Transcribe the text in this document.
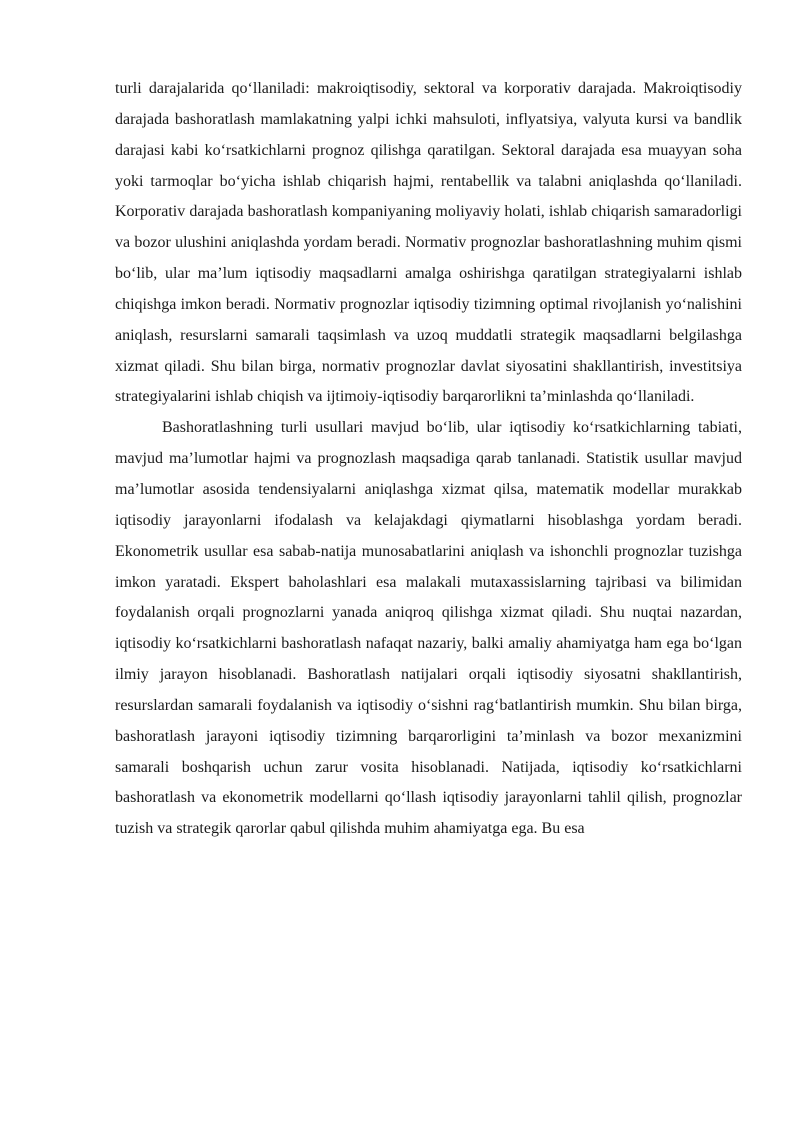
turli darajalarida qo‘llaniladi: makroiqtisodiy, sektoral va korporativ darajada. Makroiqtisodiy darajada bashoratlash mamlakatning yalpi ichki mahsuloti, inflyatsiya, valyuta kursi va bandlik darajasi kabi ko‘rsatkichlarni prognoz qilishga qaratilgan. Sektoral darajada esa muayyan soha yoki tarmoqlar bo‘yicha ishlab chiqarish hajmi, rentabellik va talabni aniqlashda qo‘llaniladi. Korporativ darajada bashoratlash kompaniyaning moliyaviy holati, ishlab chiqarish samaradorligi va bozor ulushini aniqlashda yordam beradi. Normativ prognozlar bashoratlashning muhim qismi bo‘lib, ular ma’lum iqtisodiy maqsadlarni amalga oshirishga qaratilgan strategiyalarni ishlab chiqishga imkon beradi. Normativ prognozlar iqtisodiy tizimning optimal rivojlanish yo‘nalishini aniqlash, resurslarni samarali taqsimlash va uzoq muddatli strategik maqsadlarni belgilashga xizmat qiladi. Shu bilan birga, normativ prognozlar davlat siyosatini shakllantirish, investitsiya strategiyalarini ishlab chiqish va ijtimoiy-iqtisodiy barqarorlikni ta’minlashda qo‘llaniladi.

Bashoratlashning turli usullari mavjud bo‘lib, ular iqtisodiy ko‘rsatkichlarning tabiati, mavjud ma’lumotlar hajmi va prognozlash maqsadiga qarab tanlanadi. Statistik usullar mavjud ma’lumotlar asosida tendensiyalarni aniqlashga xizmat qilsa, matematik modellar murakkab iqtisodiy jarayonlarni ifodalash va kelajakdagi qiymatlarni hisoblashga yordam beradi. Ekonometrik usullar esa sabab-natija munosabatlarini aniqlash va ishonchli prognozlar tuzishga imkon yaratadi. Ekspert baholashlari esa malakali mutaxassislarning tajribasi va bilimidan foydalanish orqali prognozlarni yanada aniqroq qilishga xizmat qiladi. Shu nuqtai nazardan, iqtisodiy ko‘rsatkichlarni bashoratlash nafaqat nazariy, balki amaliy ahamiyatga ham ega bo‘lgan ilmiy jarayon hisoblanadi. Bashoratlash natijalari orqali iqtisodiy siyosatni shakllantirish, resurslardan samarali foydalanish va iqtisodiy o‘sishni rag‘batlantirish mumkin. Shu bilan birga, bashoratlash jarayoni iqtisodiy tizimning barqarorligini ta’minlash va bozor mexanizmini samarali boshqarish uchun zarur vosita hisoblanadi. Natijada, iqtisodiy ko‘rsatkichlarni bashoratlash va ekonometrik modellarni qo‘llash iqtisodiy jarayonlarni tahlil qilish, prognozlar tuzish va strategik qarorlar qabul qilishda muhim ahamiyatga ega. Bu esa
